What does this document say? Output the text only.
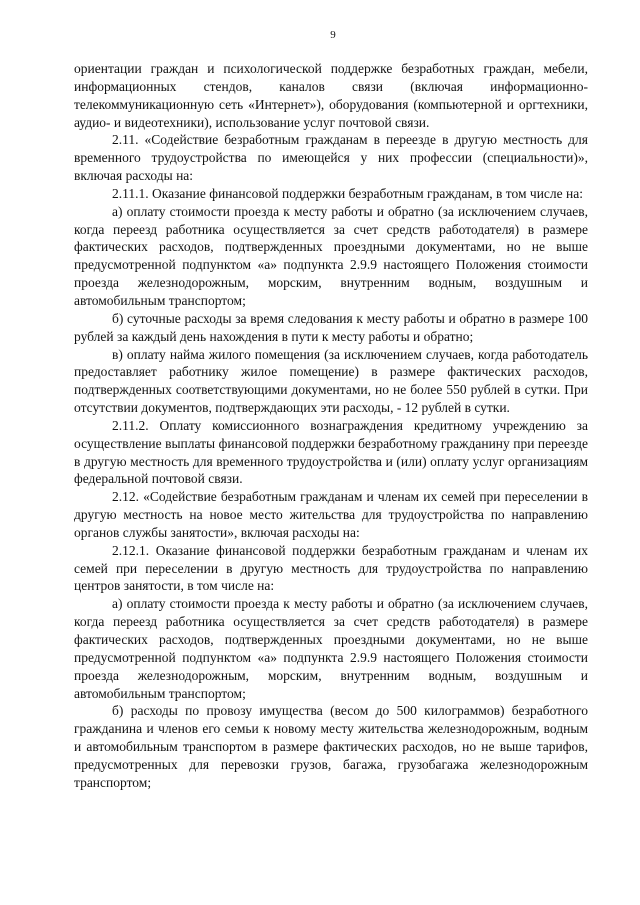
9

ориентации граждан и психологической поддержке безработных граждан, мебели, информационных стендов, каналов связи (включая информационно-телекоммуникационную сеть «Интернет»), оборудования (компьютерной и оргтехники, аудио- и видеотехники), использование услуг почтовой связи.

2.11. «Содействие безработным гражданам в переезде в другую местность для временного трудоустройства по имеющейся у них профессии (специальности)», включая расходы на:

2.11.1. Оказание финансовой поддержки безработным гражданам, в том числе на:

а) оплату стоимости проезда к месту работы и обратно (за исключением случаев, когда переезд работника осуществляется за счет средств работодателя) в размере фактических расходов, подтвержденных проездными документами, но не выше предусмотренной подпунктом «а» подпункта 2.9.9 настоящего Положения стоимости проезда железнодорожным, морским, внутренним водным, воздушным и автомобильным транспортом;

б) суточные расходы за время следования к месту работы и обратно в размере 100 рублей за каждый день нахождения в пути к месту работы и обратно;

в) оплату найма жилого помещения (за исключением случаев, когда работодатель предоставляет работнику жилое помещение) в размере фактических расходов, подтвержденных соответствующими документами, но не более 550 рублей в сутки. При отсутствии документов, подтверждающих эти расходы, - 12 рублей в сутки.

2.11.2. Оплату комиссионного вознаграждения кредитному учреждению за осуществление выплаты финансовой поддержки безработному гражданину при переезде в другую местность для временного трудоустройства и (или) оплату услуг организациям федеральной почтовой связи.

2.12. «Содействие безработным гражданам и членам их семей при переселении в другую местность на новое место жительства для трудоустройства по направлению органов службы занятости», включая расходы на:

2.12.1. Оказание финансовой поддержки безработным гражданам и членам их семей при переселении в другую местность для трудоустройства по направлению центров занятости, в том числе на:

а) оплату стоимости проезда к месту работы и обратно (за исключением случаев, когда переезд работника осуществляется за счет средств работодателя) в размере фактических расходов, подтвержденных проездными документами, но не выше предусмотренной подпунктом «а» подпункта 2.9.9 настоящего Положения стоимости проезда железнодорожным, морским, внутренним водным, воздушным и автомобильным транспортом;

б) расходы по провозу имущества (весом до 500 килограммов) безработного гражданина и членов его семьи к новому месту жительства железнодорожным, водным и автомобильным транспортом в размере фактических расходов, но не выше тарифов, предусмотренных для перевозки грузов, багажа, грузобагажа железнодорожным транспортом;
